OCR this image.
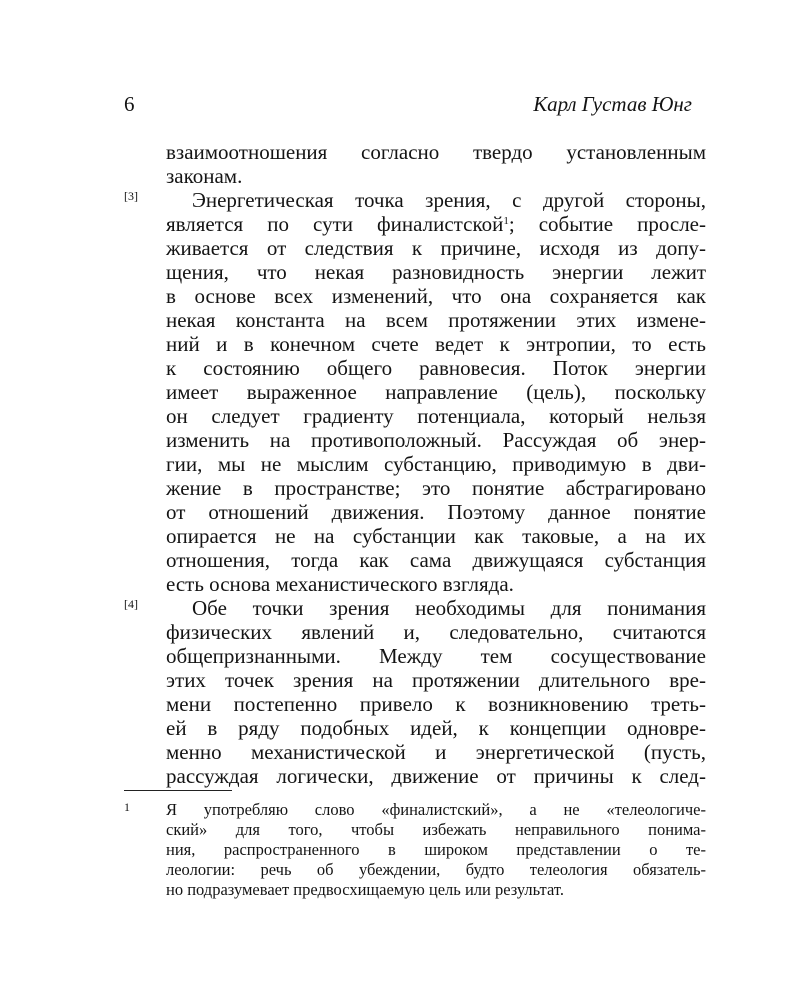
6	Карл Густав Юнг
взаимоотношения согласно твердо установленным
законам.
[3]	Энергетическая точка зрения, с другой стороны,
является по сути финалистской$^1$; событие просле-
живается от следствия к причине, исходя из допу-
щения, что некая разновидность энергии лежит
в основе всех изменений, что она сохраняется как
некая константа на всем протяжении этих измене-
ний и в конечном счете ведет к энтропии, то есть
к состоянию общего равновесия. Поток энергии
имеет выраженное направление (цель), поскольку
он следует градиенту потенциала, который нельзя
изменить на противоположный. Рассуждая об энер-
гии, мы не мыслим субстанцию, приводимую в дви-
жение в пространстве; это понятие абстрагировано
от отношений движения. Поэтому данное понятие
опирается не на субстанции как таковые, а на их
отношения, тогда как сама движущаяся субстанция
есть основа механистического взгляда.
[4]	Обе точки зрения необходимы для понимания
физических явлений и, следовательно, считаются
общепризнанными. Между тем сосуществование
этих точек зрения на протяжении длительного вре-
мени постепенно привело к возникновению треть-
ей в ряду подобных идей, к концепции одновре-
менно механистической и энергетической (пусть,
рассуждая логически, движение от причины к след-
1 Я употребляю слово «финалистский», а не «телеологиче-
ский» для того, чтобы избежать неправильного понима-
ния, распространенного в широком представлении о те-
леологии: речь об убеждении, будто телеология обязатель-
но подразумевает предвосхищаемую цель или результат.
